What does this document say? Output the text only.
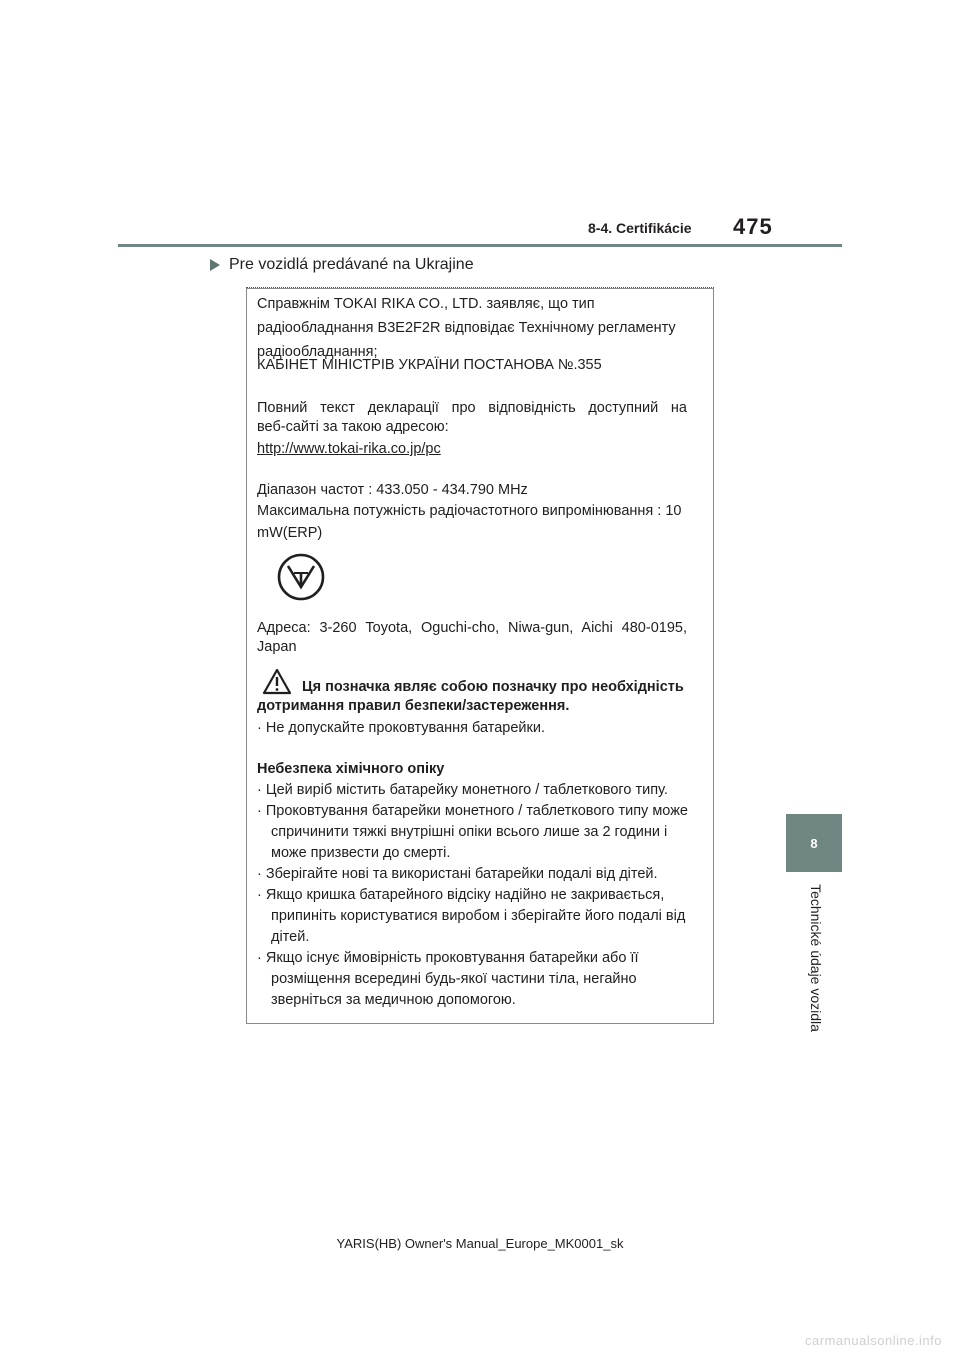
8-4. Certifikácie 475
Pre vozidlá predávané na Ukrajine
8
Technické údaje vozidla
Справжнім TOKAI RIKA CO., LTD. заявляє, що тип
радіообладнання B3E2F2R відповідає Технічному регламенту
радіообладнання;
КАБІНЕТ МІНІСТРІВ УКРАЇНИ ПОСТАНОВА №.355
Повний текст декларації про відповідність доступний на
веб-сайті за такою адресою:
http://www.tokai-rika.co.jp/pc
Діапазон частот : 433.050 - 434.790 MHz
Максимальна потужність радіочастотного випромінювання : 10
mW(ERP)
Адреса: 3-260 Toyota, Oguchi-cho, Niwa-gun, Aichi 480-0195,
Japan
Ця позначка являє собою позначку про необхідність
дотримання правил безпеки/застереження.
· Не допускайте проковтування батарейки.
Небезпека хімічного опіку
· Цей виріб містить батарейку монетного / таблеткового типу.
· Проковтування батарейки монетного / таблеткового типу може
спричинити тяжкі внутрішні опіки всього лише за 2 години і
може призвести до смерті.
· Зберігайте нові та використані батарейки подалі від дітей.
· Якщо кришка батарейного відсіку надійно не закривається,
припиніть користуватися виробом і зберігайте його подалі від
дітей.
· Якщо існує ймовірність проковтування батарейки або її
розміщення всередині будь-якої частини тіла, негайно
зверніться за медичною допомогою.
YARIS(HB) Owner's Manual_Europe_MK0001_sk
carmanualsonline.info
